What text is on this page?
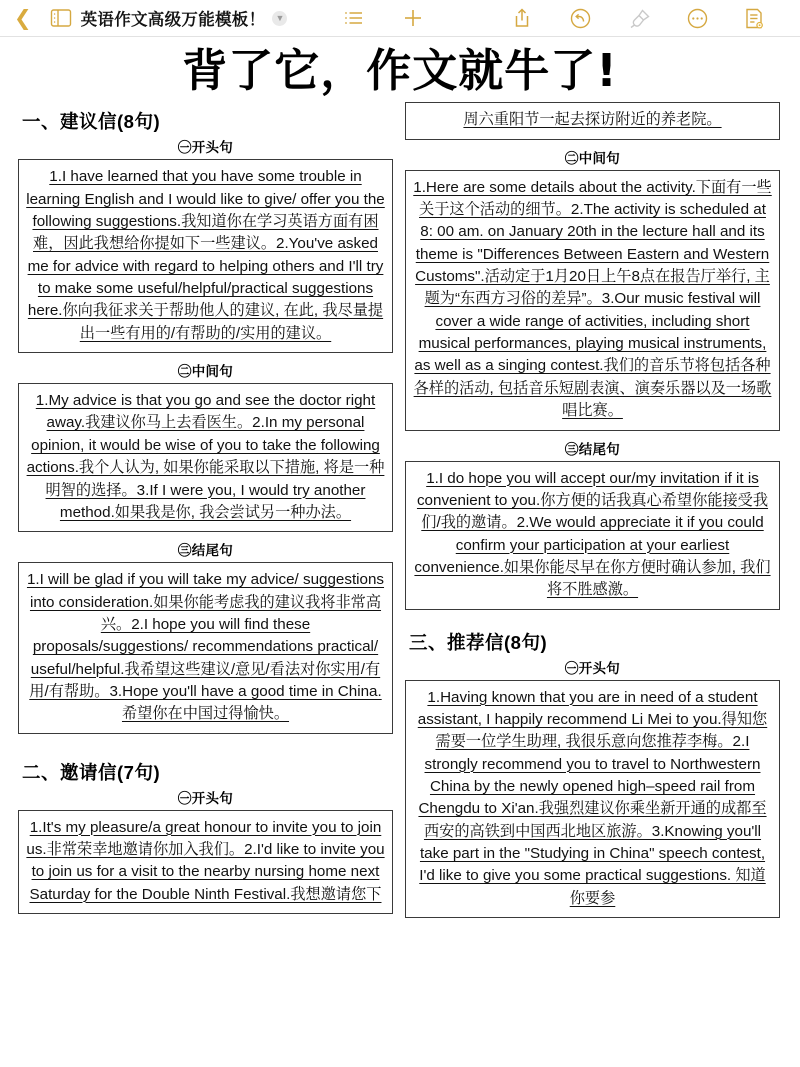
❮	英语作文高级万能模板！	▼
背了它，作文就牛了!
一、建议信(8句)
㊀开头句

1.I have learned that you have some trouble in learning English and I would like to give/ offer you the following suggestions.我知道你在学习英语方面有困难，因此我想给你提如下一些建议。2.You've asked me for advice with regard to helping others and I'll try to make some useful/helpful/practical suggestions here.你向我征求关于帮助他人的建议, 在此, 我尽量提出一些有用的/有帮助的/实用的建议。

㊁中间句

1.My advice is that you go and see the doctor right away.我建议你马上去看医生。2.In my personal opinion, it would be wise of you to take the following actions.我个人认为, 如果你能采取以下措施, 将是一种明智的选择。3.If I were you, I would try another method.如果我是你, 我会尝试另一种办法。

㊂结尾句

1.I will be glad if you will take my advice/ suggestions into consideration.如果你能考虑我的建议我将非常高兴。2.I hope you will find these proposals/suggestions/ recommendations practical/ useful/helpful.我希望这些建议/意见/看法对你实用/有用/有帮助。3.Hope you'll have a good time in China.希望你在中国过得愉快。

二、邀请信(7句)
㊀开头句

1.It's my pleasure/a great honour to invite you to join us.非常荣幸地邀请你加入我们。2.I'd like to invite you to join us for a visit to the nearby nursing home next Saturday for the Double Ninth Festival.我想邀请您下

周六重阳节一起去探访附近的养老院。

㊁中间句

1.Here are some details about the activity.下面有一些关于这个活动的细节。2.The activity is scheduled at 8: 00 am. on January 20th in the lecture hall and its theme is "Differences Between Eastern and Western Customs".活动定于1月20日上午8点在报告厅举行, 主题为“东西方习俗的差异”。3.Our music festival will cover a wide range of activities, including short musical performances, playing musical instruments, as well as a singing contest.我们的音乐节将包括各种各样的活动, 包括音乐短剧表演、演奏乐器以及一场歌唱比赛。

㊂结尾句

1.I do hope you will accept our/my invitation if it is convenient to you.你方便的话我真心希望你能接受我们/我的邀请。2.We would appreciate it if you could confirm your participation at your earliest convenience.如果你能尽早在你方便时确认参加, 我们将不胜感激。

三、推荐信(8句)
㊀开头句

1.Having known that you are in need of a student assistant, I happily recommend Li Mei to you.得知您需要一位学生助理, 我很乐意向您推荐李梅。2.I strongly recommend you to travel to Northwestern China by the newly opened high–speed rail from Chengdu to Xi'an.我强烈建议你乘坐新开通的成都至西安的高铁到中国西北地区旅游。3.Knowing you'll take part in the "Studying in China" speech contest, I'd like to give you some practical suggestions. 知道你要参
